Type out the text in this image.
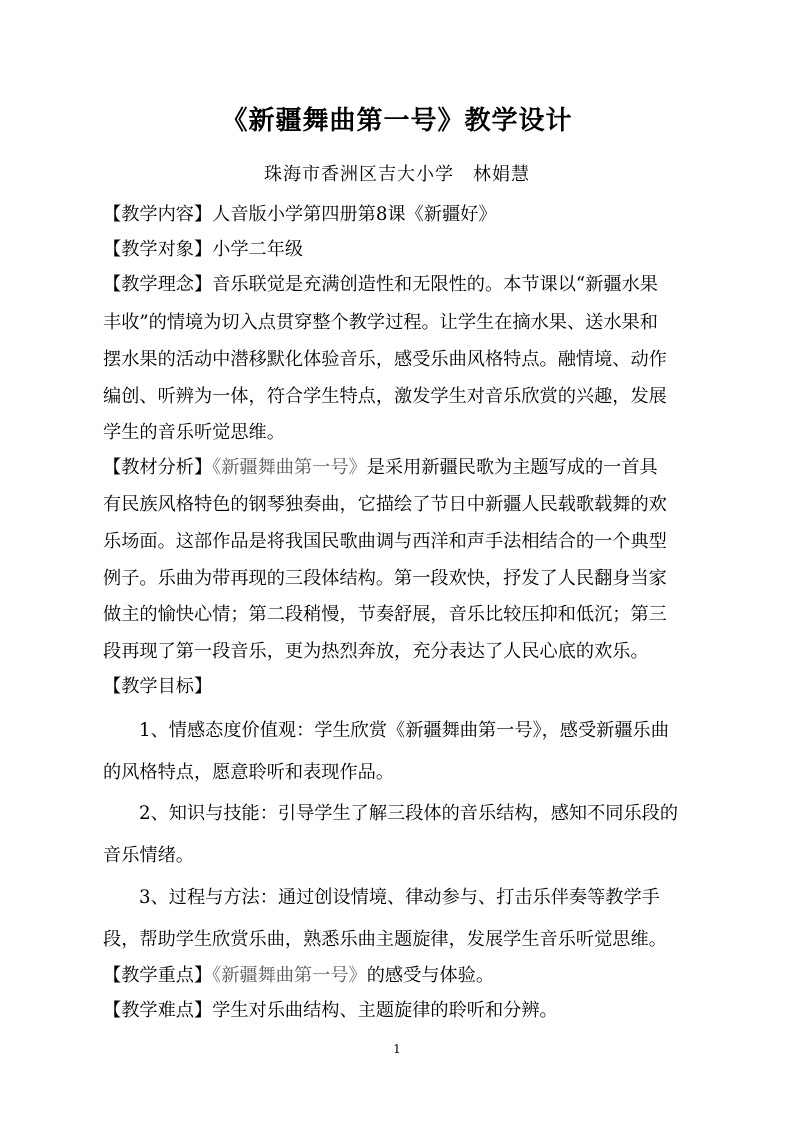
《新疆舞曲第一号》教学设计
珠海市香洲区吉大小学　林娟慧
【教学内容】人音版小学第四册第8课《新疆好》
【教学对象】小学二年级
【教学理念】音乐联觉是充满创造性和无限性的。本节课以“新疆水果
丰收”的情境为切入点贯穿整个教学过程。让学生在摘水果、送水果和
摆水果的活动中潜移默化体验音乐，感受乐曲风格特点。融情境、动作
编创、听辨为一体，符合学生特点，激发学生对音乐欣赏的兴趣，发展
学生的音乐听觉思维。
【教材分析】《新疆舞曲第一号》是采用新疆民歌为主题写成的一首具
有民族风格特色的钢琴独奏曲，它描绘了节日中新疆人民载歌载舞的欢
乐场面。这部作品是将我国民歌曲调与西洋和声手法相结合的一个典型
例子。乐曲为带再现的三段体结构。第一段欢快，抒发了人民翻身当家
做主的愉快心情；第二段稍慢，节奏舒展，音乐比较压抑和低沉；第三
段再现了第一段音乐，更为热烈奔放，充分表达了人民心底的欢乐。
【教学目标】
1、情感态度价值观：学生欣赏《新疆舞曲第一号》，感受新疆乐曲
的风格特点，愿意聆听和表现作品。
2、知识与技能：引导学生了解三段体的音乐结构，感知不同乐段的
音乐情绪。
3、过程与方法：通过创设情境、律动参与、打击乐伴奏等教学手
段，帮助学生欣赏乐曲，熟悉乐曲主题旋律，发展学生音乐听觉思维。
【教学重点】《新疆舞曲第一号》的感受与体验。
【教学难点】学生对乐曲结构、主题旋律的聆听和分辨。
1
